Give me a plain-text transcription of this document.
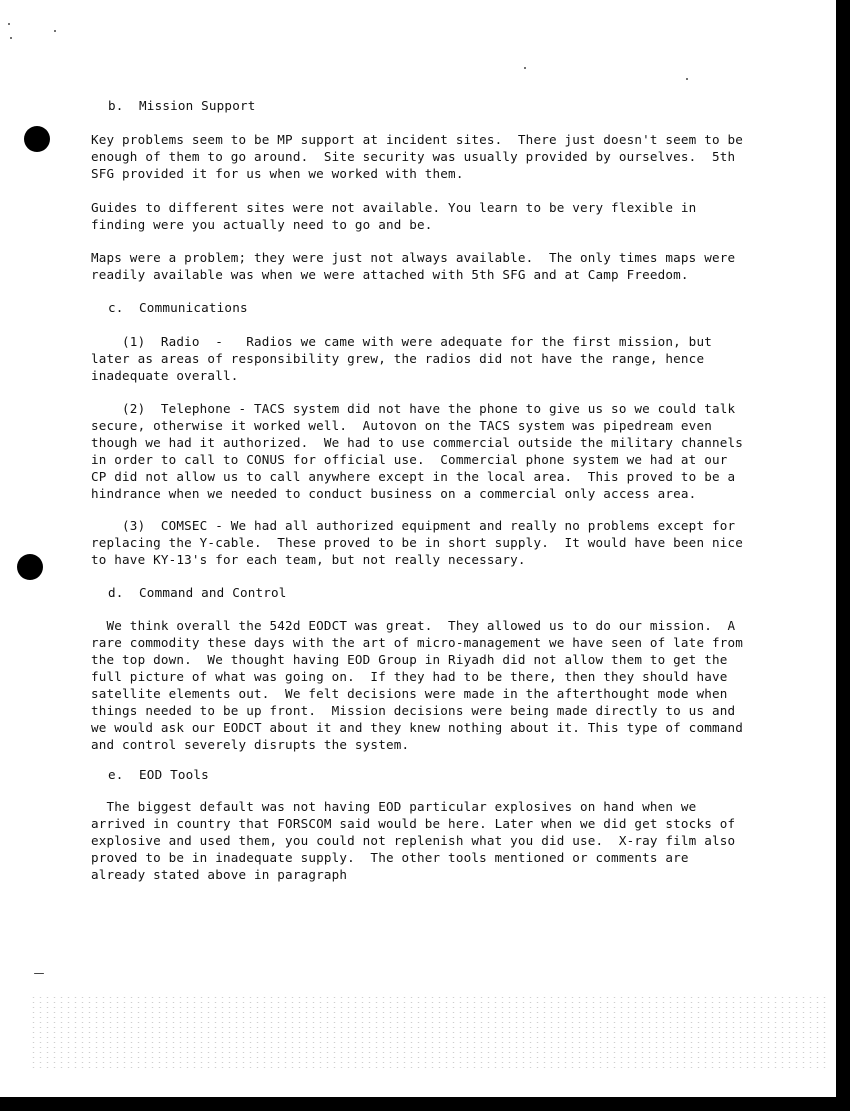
b.  Mission Support
Key problems seem to be MP support at incident sites.  There just doesn't seem to be
enough of them to go around.  Site security was usually provided by ourselves.  5th
SFG provided it for us when we worked with them.
Guides to different sites were not available. You learn to be very flexible in
finding were you actually need to go and be.
Maps were a problem; they were just not always available.  The only times maps were
readily available was when we were attached with 5th SFG and at Camp Freedom.
c.  Communications
(1)  Radio  -   Radios we came with were adequate for the first mission, but
later as areas of responsibility grew, the radios did not have the range, hence
inadequate overall.
(2)  Telephone - TACS system did not have the phone to give us so we could talk
secure, otherwise it worked well.  Autovon on the TACS system was pipedream even
though we had it authorized.  We had to use commercial outside the military channels
in order to call to CONUS for official use.  Commercial phone system we had at our
CP did not allow us to call anywhere except in the local area.  This proved to be a
hindrance when we needed to conduct business on a commercial only access area.
(3)  COMSEC - We had all authorized equipment and really no problems except for
replacing the Y-cable.  These proved to be in short supply.  It would have been nice
to have KY-13's for each team, but not really necessary.
d.  Command and Control
We think overall the 542d EODCT was great.  They allowed us to do our mission.  A
rare commodity these days with the art of micro-management we have seen of late from
the top down.  We thought having EOD Group in Riyadh did not allow them to get the
full picture of what was going on.  If they had to be there, then they should have
satellite elements out.  We felt decisions were made in the afterthought mode when
things needed to be up front.  Mission decisions were being made directly to us and
we would ask our EODCT about it and they knew nothing about it. This type of command
and control severely disrupts the system.
e.  EOD Tools
The biggest default was not having EOD particular explosives on hand when we
arrived in country that FORSCOM said would be here. Later when we did get stocks of
explosive and used them, you could not replenish what you did use.  X-ray film also
proved to be in inadequate supply.  The other tools mentioned or comments are
already stated above in paragraph
